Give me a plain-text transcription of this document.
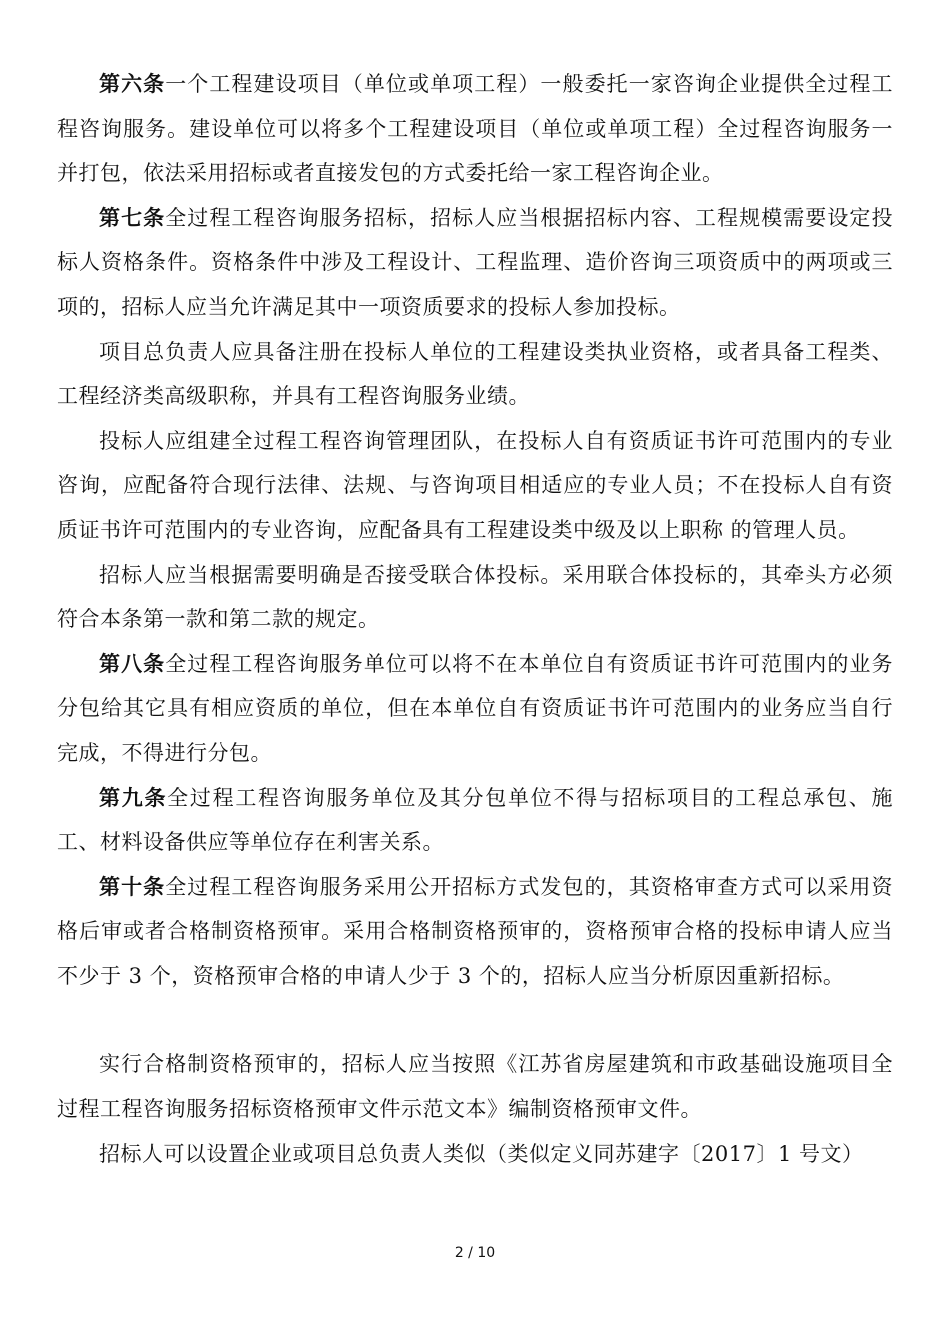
第六条一个工程建设项目（单位或单项工程）一般委托一家咨询企业提供全过程工程咨询服务。建设单位可以将多个工程建设项目（单位或单项工程）全过程咨询服务一并打包，依法采用招标或者直接发包的方式委托给一家工程咨询企业。

第七条全过程工程咨询服务招标，招标人应当根据招标内容、工程规模需要设定投标人资格条件。资格条件中涉及工程设计、工程监理、造价咨询三项资质中的两项或三项的，招标人应当允许满足其中一项资质要求的投标人参加投标。

项目总负责人应具备注册在投标人单位的工程建设类执业资格，或者具备工程类、工程经济类高级职称，并具有工程咨询服务业绩。

投标人应组建全过程工程咨询管理团队，在投标人自有资质证书许可范围内的专业咨询，应配备符合现行法律、法规、与咨询项目相适应的专业人员；不在投标人自有资质证书许可范围内的专业咨询，应配备具有工程建设类中级及以上职称 的管理人员。

招标人应当根据需要明确是否接受联合体投标。采用联合体投标的，其牵头方必须符合本条第一款和第二款的规定。

第八条全过程工程咨询服务单位可以将不在本单位自有资质证书许可范围内的业务分包给其它具有相应资质的单位，但在本单位自有资质证书许可范围内的业务应当自行完成，不得进行分包。

第九条全过程工程咨询服务单位及其分包单位不得与招标项目的工程总承包、施工、材料设备供应等单位存在利害关系。

第十条全过程工程咨询服务采用公开招标方式发包的，其资格审查方式可以采用资格后审或者合格制资格预审。采用合格制资格预审的，资格预审合格的投标申请人应当不少于 3 个，资格预审合格的申请人少于 3 个的，招标人应当分析原因重新招标。

实行合格制资格预审的，招标人应当按照《江苏省房屋建筑和市政基础设施项目全过程工程咨询服务招标资格预审文件示范文本》编制资格预审文件。

招标人可以设置企业或项目总负责人类似（类似定义同苏建字〔2017〕1 号文）

2 / 10
